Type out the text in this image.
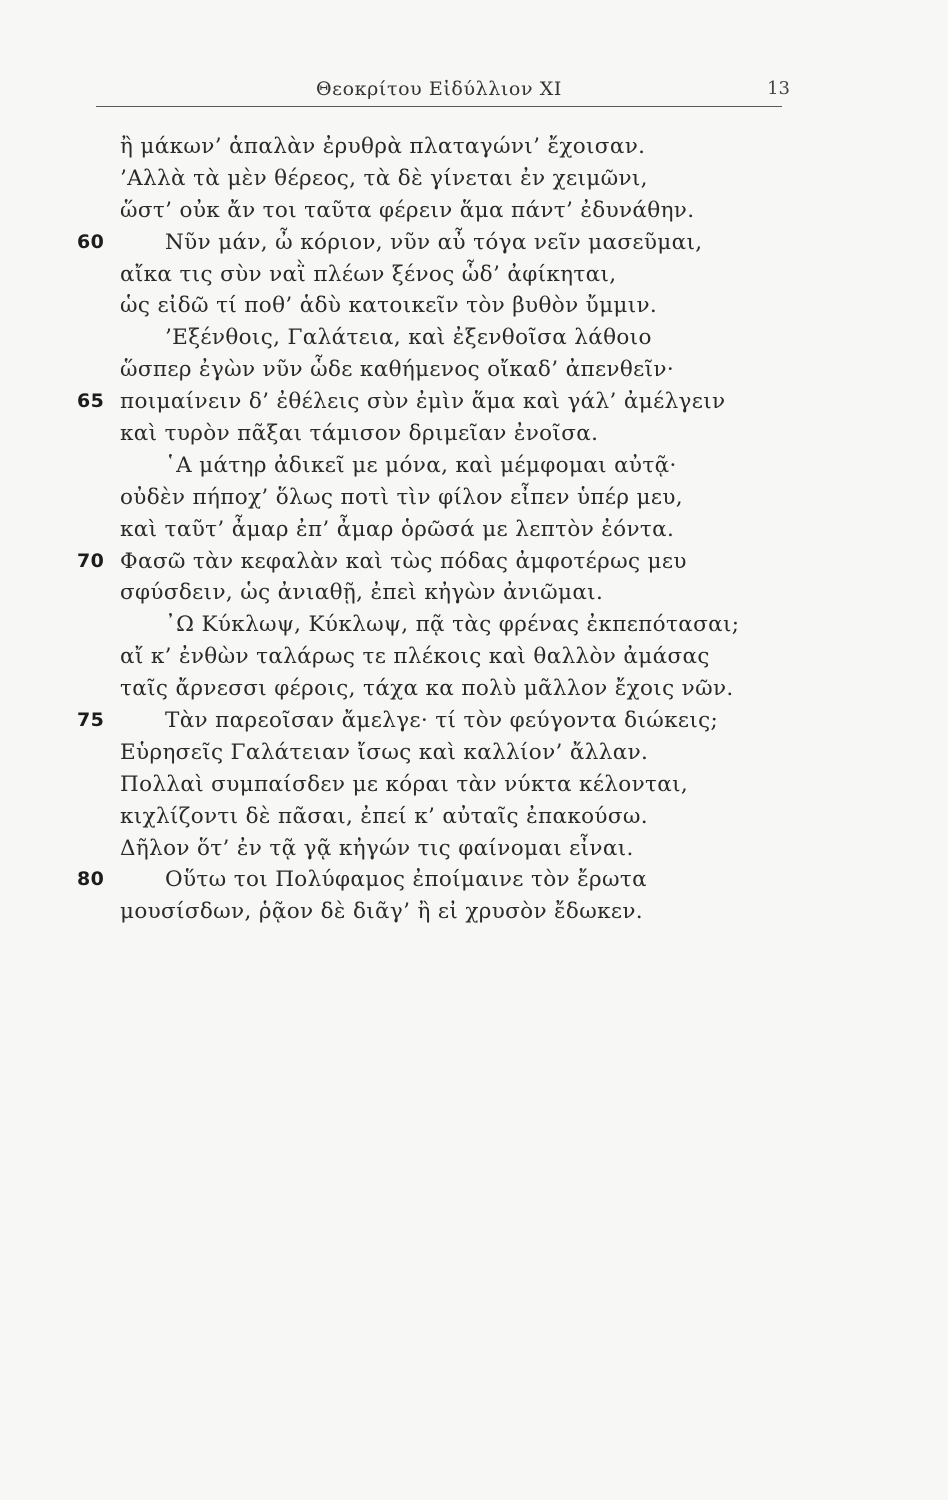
Θεοκρίτου Εἰδύλλιον XI	13
ἢ μάκων’ ἁπαλὰν ἐρυθρὰ πλαταγώνι’ ἔχοισαν.
’Αλλὰ τὰ μὲν θέρεος, τὰ δὲ γίνεται ἐν χειμῶνι,
ὥστ’ οὐκ ἄν τοι ταῦτα φέρειν ἅμα πάντ’ ἐδυνάθην.
60	Νῦν μάν, ὦ κόριον, νῦν αὖ τόγα νεῖν μασεῦμαι,
αἴκα τις σὺν ναῒ πλέων ξένος ὧδ’ ἀφίκηται,
ὡς εἰδῶ τί ποθ’ ἁδὺ κατοικεῖν τὸν βυθὸν ὔμμιν.
’Εξένθοις, Γαλάτεια, καὶ ἐξενθοῖσα λάθοιο
ὥσπερ ἐγὼν νῦν ὧδε καθήμενος οἴκαδ’ ἀπενθεῖν·
65 ποιμαίνειν δ’ ἐθέλεις σὺν ἐμὶν ἅμα καὶ γάλ’ ἀμέλγειν
καὶ τυρὸν πᾶξαι τάμισον δριμεῖαν ἐνοῖσα.
῾Α μάτηρ ἀδικεῖ με μόνα, καὶ μέμφομαι αὐτᾷ·
οὐδὲν πήποχ’ ὅλως ποτὶ τὶν φίλον εἶπεν ὑπέρ μευ,
καὶ ταῦτ’ ἆμαρ ἐπ’ ἆμαρ ὁρῶσά με λεπτὸν ἐόντα.
70 Φασῶ τὰν κεφαλὰν καὶ τὼς πόδας ἀμφοτέρως μευ
σφύσδειν, ὡς ἀνιαθῇ, ἐπεὶ κἠγὼν ἀνιῶμαι.
᾿Ω Κύκλωψ, Κύκλωψ, πᾷ τὰς φρένας ἐκπεπότασαι;
αἴ κ’ ἐνθὼν ταλάρως τε πλέκοις καὶ θαλλὸν ἀμάσας
ταῖς ἄρνεσσι φέροις, τάχα κα πολὺ μᾶλλον ἔχοις νῶν.
75	Τὰν παρεοῖσαν ἄμελγε· τί τὸν φεύγοντα διώκεις;
Εὑρησεῖς Γαλάτειαν ἴσως καὶ καλλίον’ ἄλλαν.
Πολλαὶ συμπαίσδεν με κόραι τὰν νύκτα κέλονται,
κιχλίζοντι δὲ πᾶσαι, ἐπεί κ’ αὐταῖς ἐπακούσω.
Δῆλον ὅτ’ ἐν τᾷ γᾷ κἠγών τις φαίνομαι εἶναι.
80	Οὕτω τοι Πολύφαμος ἐποίμαινε τὸν ἔρωτα
μουσίσδων, ῥᾷον δὲ διᾶγ’ ἢ εἰ χρυσὸν ἔδωκεν.
